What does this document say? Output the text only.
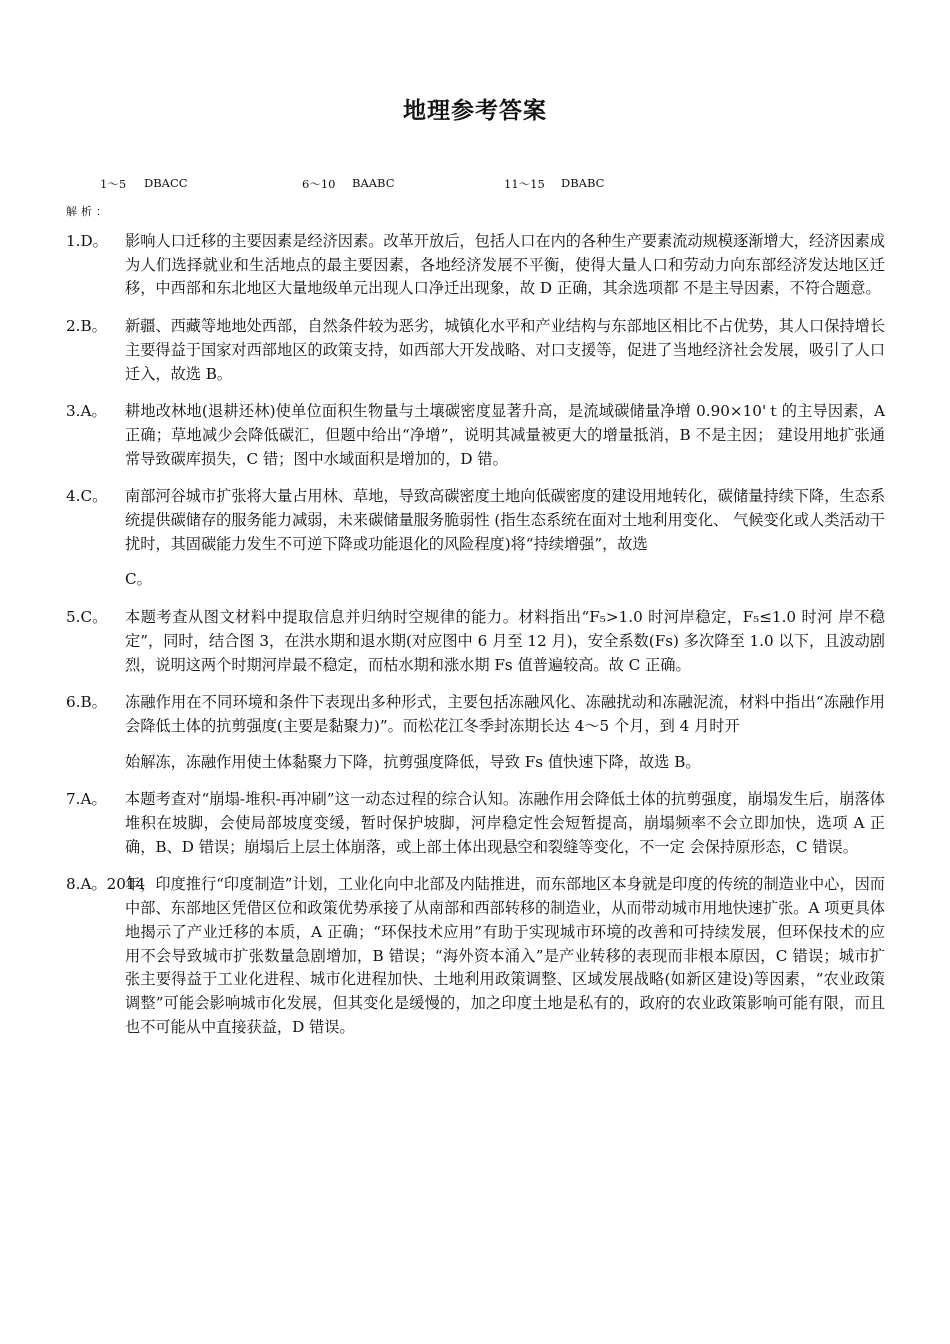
地理参考答案
1～5 DBACC	6～10 BAABC	11～15 DBABC
解析：
1.D。 影响人口迁移的主要因素是经济因素。改革开放后，包括人口在内的各种生产要素流动规模逐渐增大，经济因素成为人们选择就业和生活地点的最主要因素，各地经济发展不平衡，使得大量人口和劳动力向东部经济发达地区迁移，中西部和东北地区大量地级单元出现人口净迁出现象，故 D 正确，其余选项都 不是主导因素，不符合题意。

2.B。 新疆、西藏等地地处西部，自然条件较为恶劣，城镇化水平和产业结构与东部地区相比不占优势，其人口保持增长主要得益于国家对西部地区的政策支持，如西部大开发战略、对口支援等，促进了当地经济社会发展，吸引了人口迁入，故选 B。

3.A。 耕地改林地(退耕还林)使单位面积生物量与土壤碳密度显著升高，是流域碳储量净增 0.90×10'ｔ的主导因素，A 正确；草地减少会降低碳汇，但题中给出“净增”，说明其减量被更大的增量抵消，B 不是主因； 建设用地扩张通常导致碳库损失，C 错；图中水域面积是增加的，D 错。

4.C。 南部河谷城市扩张将大量占用林、草地，导致高碳密度土地向低碳密度的建设用地转化，碳储量持续下降，生态系统提供碳储存的服务能力减弱，未来碳储量服务脆弱性 (指生态系统在面对土地利用变化、 气候变化或人类活动干扰时，其固碳能力发生不可逆下降或功能退化的风险程度)将“持续增强”，故选

C。

5.C。 本题考查从图文材料中提取信息并归纳时空规律的能力。材料指出“F₅>1.0 时河岸稳定，F₅≤1.0 时河 岸不稳定”，同时，结合图 3，在洪水期和退水期(对应图中 6 月至 12 月)，安全系数(Fs) 多次降至 1.0 以下，且波动剧烈，说明这两个时期河岸最不稳定，而枯水期和涨水期 Fs 值普遍较高。故 C 正确。

6.B。 冻融作用在不同环境和条件下表现出多种形式，主要包括冻融风化、冻融扰动和冻融泥流，材料中指出“冻融作用会降低土体的抗剪强度(主要是黏聚力)”。而松花江冬季封冻期长达 4～5 个月，到 4 月时开

始解冻，冻融作用使土体黏聚力下降，抗剪强度降低，导致 Fs 值快速下降，故选 B。

7.A。 本题考查对“崩塌-堆积-再冲刷”这一动态过程的综合认知。冻融作用会降低土体的抗剪强度，崩塌发生后，崩落体堆积在坡脚，会使局部坡度变缓，暂时保护坡脚，河岸稳定性会短暂提高，崩塌频率不会立即加快，选项 A 正确，B、D 错误；崩塌后上层土体崩落，或上部土体出现悬空和裂缝等变化，不一定 会保持原形态，C 错误。

8.A。2014

年，印度推行“印度制造”计划，工业化向中北部及内陆推进，而东部地区本身就是印度的传统的制造业中心，因而中部、东部地区凭借区位和政策优势承接了从南部和西部转移的制造业，从而带动城市用地快速扩张。A 项更具体地揭示了产业迁移的本质，A 正确；“环保技术应用”有助于实现城市环境的改善和可持续发展，但环保技术的应用不会导致城市扩张数量急剧增加，B 错误；“海外资本涌入”是产业转移的表现而非根本原因，C 错误；城市扩张主要得益于工业化进程、城市化进程加快、土地利用政策调整、区域发展战略(如新区建设)等因素，“农业政策调整”可能会影响城市化发展，但其变化是缓慢的，加之印度土地是私有的，政府的农业政策影响可能有限，而且也不可能从中直接获益，D 错误。
